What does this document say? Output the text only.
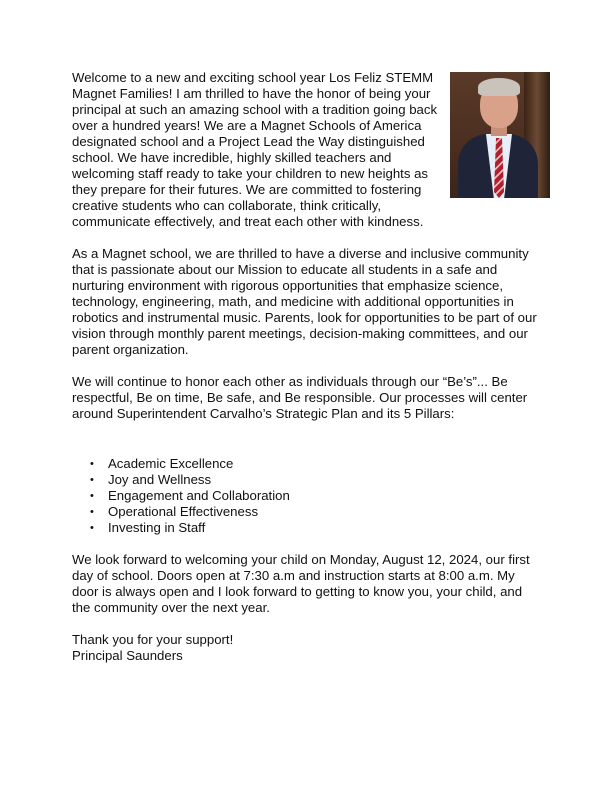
Welcome to a new and exciting school year Los Feliz STEMM Magnet Families! I am thrilled to have the honor of being your principal at such an amazing school with a tradition going back over a hundred years! We are a Magnet Schools of America designated school and a Project Lead the Way distinguished school. We have incredible, highly skilled teachers and welcoming staff ready to take your children to new heights as they prepare for their futures. We are committed to fostering creative students who can collaborate, think critically, communicate effectively, and treat each other with kindness.

As a Magnet school, we are thrilled to have a diverse and inclusive community that is passionate about our Mission to educate all students in a safe and nurturing environment with rigorous opportunities that emphasize science, technology, engineering, math, and medicine with additional opportunities in robotics and instrumental music. Parents, look for opportunities to be part of our vision through monthly parent meetings, decision-making committees, and our parent organization.

We will continue to honor each other as individuals through our “Be’s”... Be respectful, Be on time, Be safe, and Be responsible. Our processes will center around Superintendent Carvalho’s Strategic Plan and its 5 Pillars:

• Academic Excellence
• Joy and Wellness
• Engagement and Collaboration
• Operational Effectiveness
• Investing in Staff

We look forward to welcoming your child on Monday, August 12, 2024, our first day of school. Doors open at 7:30 a.m and instruction starts at 8:00 a.m. My door is always open and I look forward to getting to know you, your child, and the community over the next year.

Thank you for your support!

Principal Saunders
